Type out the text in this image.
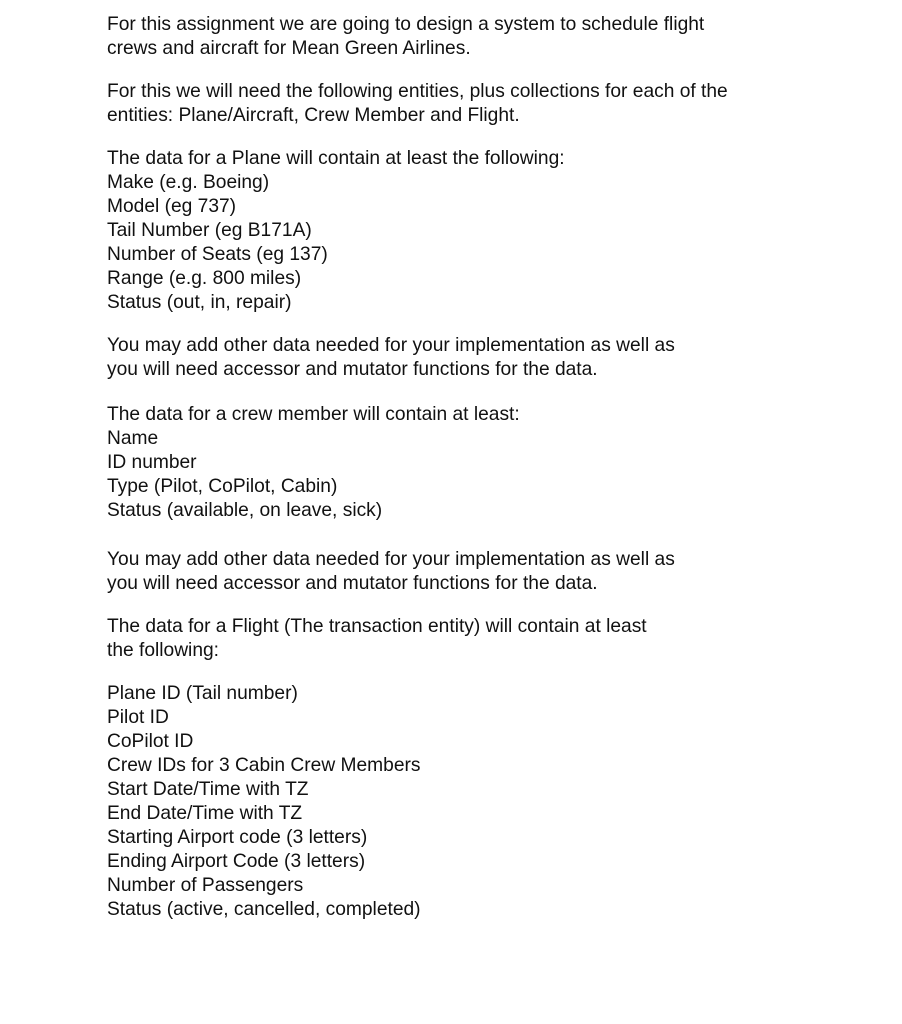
For this assignment we are going to design a system to schedule flight
crews and aircraft for Mean Green Airlines.
For this we will need the following entities, plus collections for each of the
entities: Plane/Aircraft, Crew Member and Flight.
The data for a Plane will contain at least the following:
Make (e.g. Boeing)
Model (eg 737)
Tail Number (eg B171A)
Number of Seats (eg 137)
Range (e.g. 800 miles)
Status (out, in, repair)
You may add other data needed for your implementation as well as
you will need accessor and mutator functions for the data.
The data for a crew member will contain at least:
Name
ID number
Type (Pilot, CoPilot, Cabin)
Status (available, on leave, sick)
You may add other data needed for your implementation as well as
you will need accessor and mutator functions for the data.
The data for a Flight (The transaction entity) will contain at least
the following:
Plane ID (Tail number)
Pilot ID
CoPilot ID
Crew IDs for 3 Cabin Crew Members
Start Date/Time with TZ
End Date/Time with TZ
Starting Airport code (3 letters)
Ending Airport Code (3 letters)
Number of Passengers
Status (active, cancelled, completed)
